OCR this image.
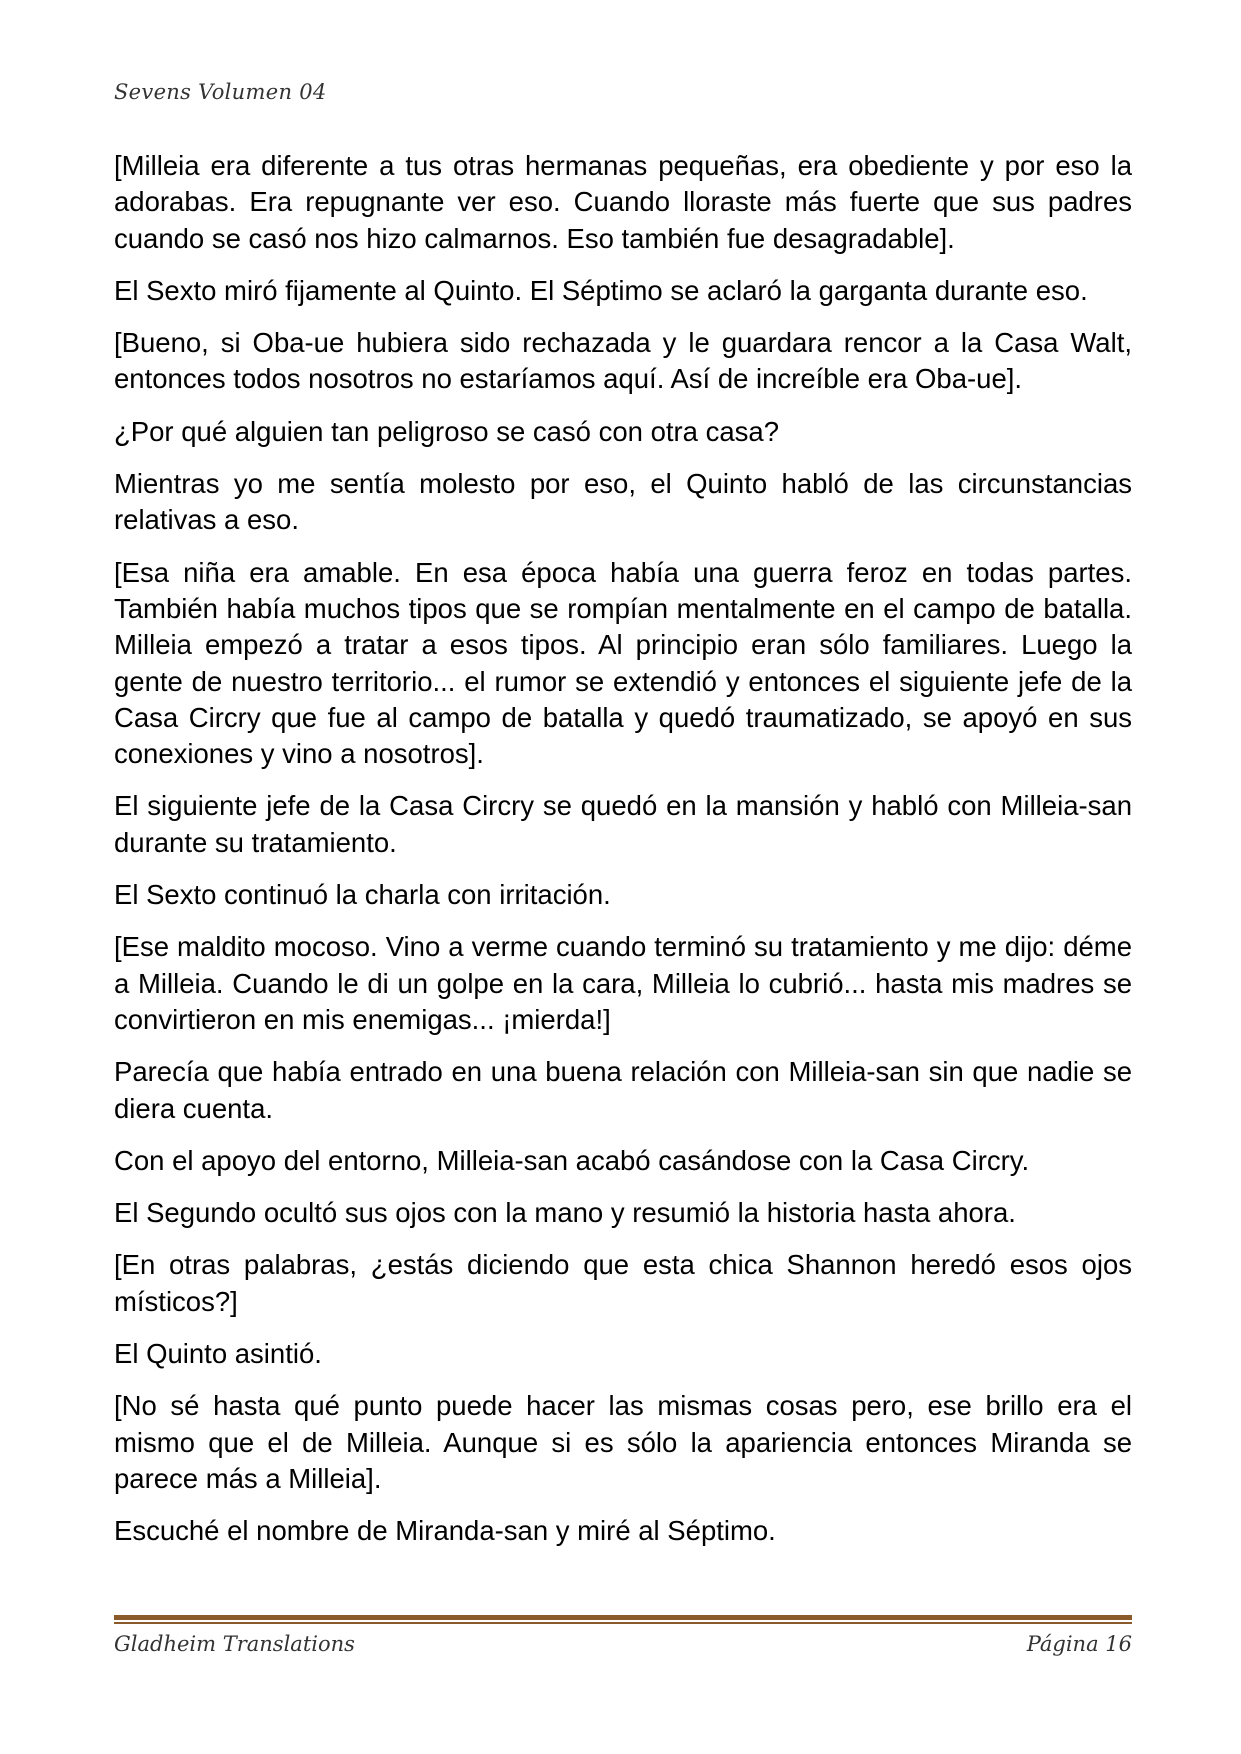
Sevens Volumen 04

[Milleia era diferente a tus otras hermanas pequeñas, era obediente y por eso la adorabas. Era repugnante ver eso. Cuando lloraste más fuerte que sus padres cuando se casó nos hizo calmarnos. Eso también fue desagradable].

El Sexto miró fijamente al Quinto. El Séptimo se aclaró la garganta durante eso.

[Bueno, si Oba-ue hubiera sido rechazada y le guardara rencor a la Casa Walt, entonces todos nosotros no estaríamos aquí. Así de increíble era Oba-ue].

¿Por qué alguien tan peligroso se casó con otra casa?

Mientras yo me sentía molesto por eso, el Quinto habló de las circunstancias relativas a eso.

[Esa niña era amable. En esa época había una guerra feroz en todas partes. También había muchos tipos que se rompían mentalmente en el campo de batalla. Milleia empezó a tratar a esos tipos. Al principio eran sólo familiares. Luego la gente de nuestro territorio... el rumor se extendió y entonces el siguiente jefe de la Casa Circry que fue al campo de batalla y quedó traumatizado, se apoyó en sus conexiones y vino a nosotros].

El siguiente jefe de la Casa Circry se quedó en la mansión y habló con Milleia-san durante su tratamiento.

El Sexto continuó la charla con irritación.

[Ese maldito mocoso. Vino a verme cuando terminó su tratamiento y me dijo: déme a Milleia. Cuando le di un golpe en la cara, Milleia lo cubrió... hasta mis madres se convirtieron en mis enemigas... ¡mierda!]

Parecía que había entrado en una buena relación con Milleia-san sin que nadie se diera cuenta.

Con el apoyo del entorno, Milleia-san acabó casándose con la Casa Circry.

El Segundo ocultó sus ojos con la mano y resumió la historia hasta ahora.

[En otras palabras, ¿estás diciendo que esta chica Shannon heredó esos ojos místicos?]

El Quinto asintió.

[No sé hasta qué punto puede hacer las mismas cosas pero, ese brillo era el mismo que el de Milleia. Aunque si es sólo la apariencia entonces Miranda se parece más a Milleia].

Escuché el nombre de Miranda-san y miré al Séptimo.

Gladheim Translations	Página 16
